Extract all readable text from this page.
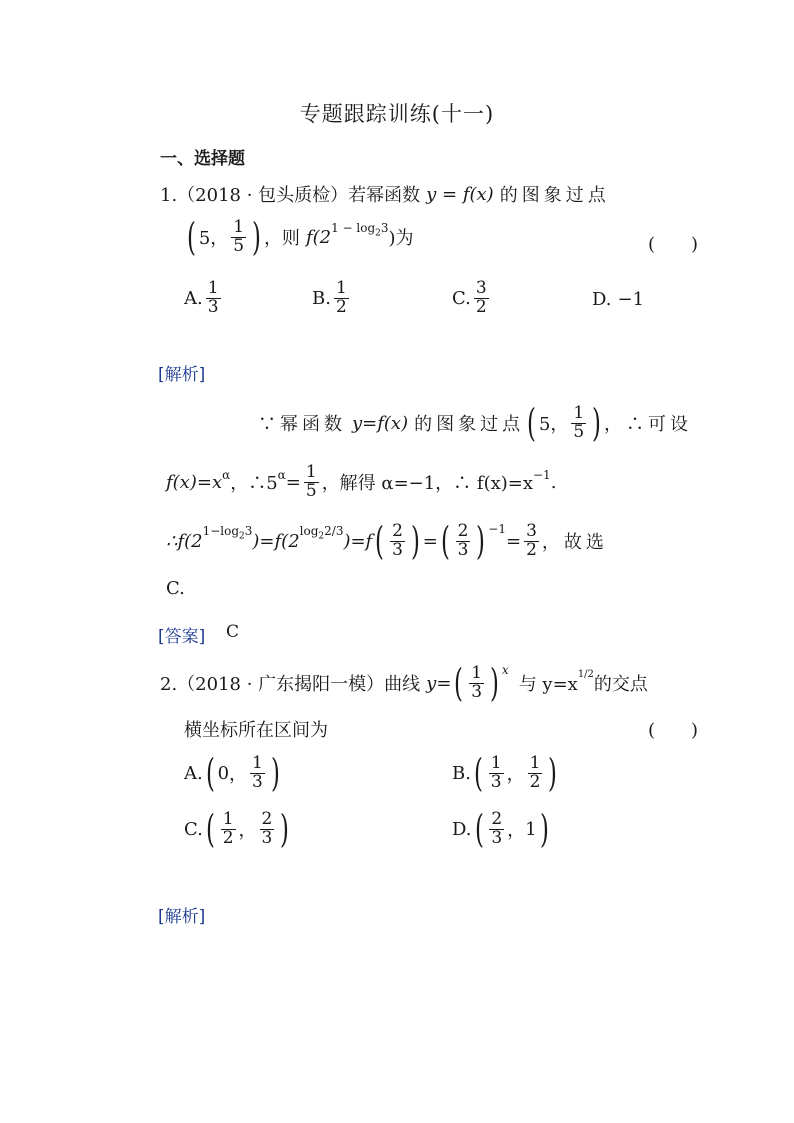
专题跟踪训练(十一)
一、选择题
1.（2018 · 包头质检）若幂函数 y = f(x) 的图象过点
( 5， $\frac{1}{5}$ ) ，则 f(2 $1 - \log_23$ )为	(　　)
A. $\frac{1}{3}$	B. $\frac{1}{2}$	C. $\frac{3}{2}$	D. −1
[解析]
∵幂函数 y=f(x) 的图象过点 ( 5， $\frac{1}{5}$ ) ，∴可设
f(x)=x α ，∴5 $\alpha = \frac{1}{5}$ ，解得 α=−1，∴ f(x)=x −1 .
∴f(2 $1-\log_23$ )=f(2 $\log_22/3$ )=f ( $\frac{2}{3}$ ) = ( $\frac{2}{3}$ ) −1
= $\frac{3}{2}$ ，故选
C.
[答案] C
2.（2018 · 广东揭阳一模）曲线 y= ( $\frac{1}{3}$ ) x
与 y=x 1/2 的交点
横坐标所在区间为	(　　)
A. ( 0 ， $\frac{1}{3}$ )	B. ( $\frac{1}{3}$ ， $\frac{1}{2}$ )
C. ( $\frac{1}{2}$ ， $\frac{2}{3}$ )	D. ( $\frac{2}{3}$ ， 1 )
[解析]
